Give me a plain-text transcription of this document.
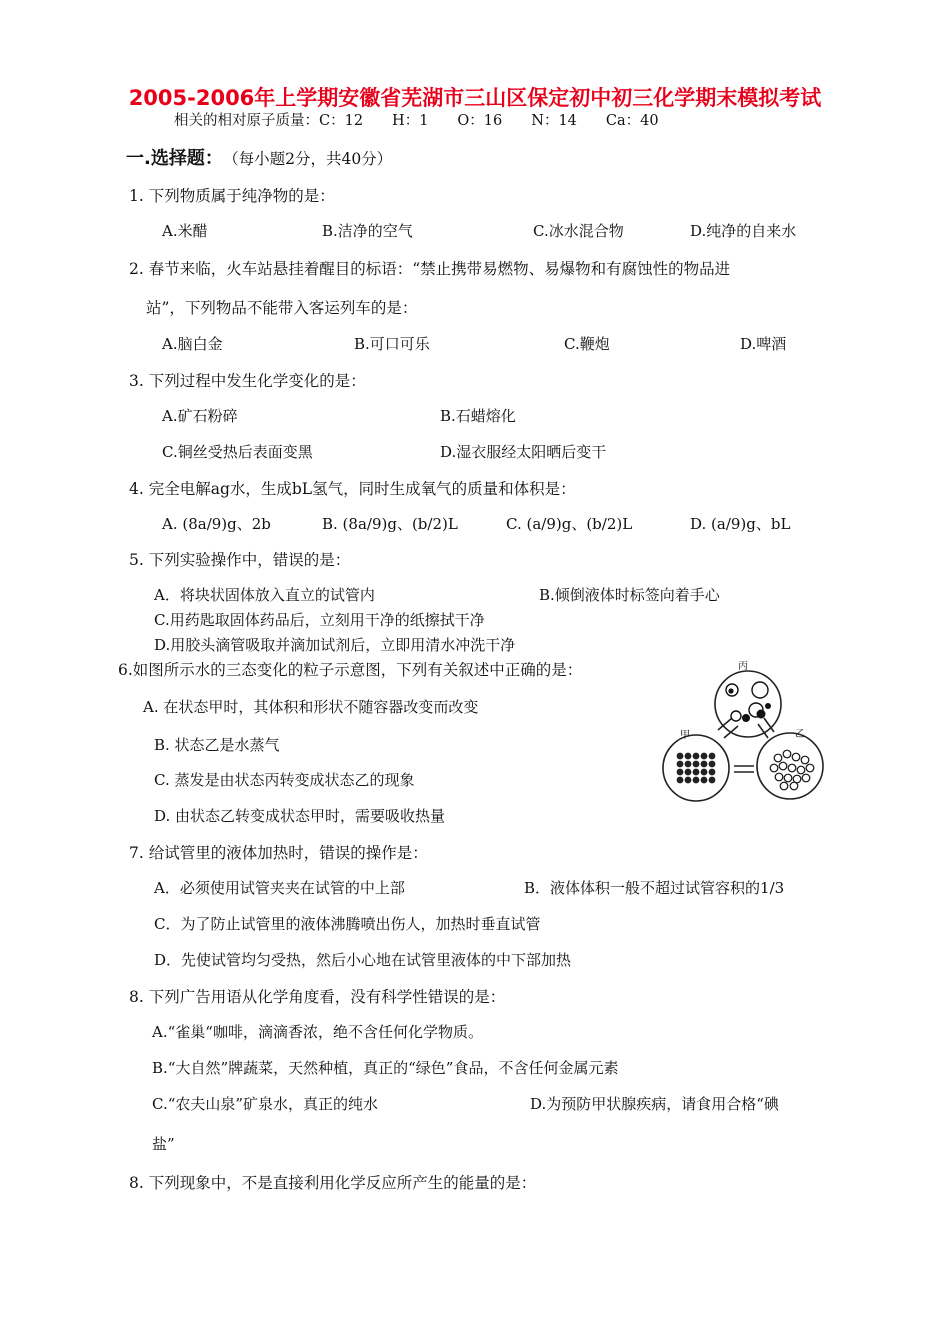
2005-2006年上学期安徽省芜湖市三山区保定初中初三化学期末模拟考试
相关的相对原子质量：C：12　　H：1　　O：16　　N：14　　Ca：40
一.选择题： （每小题2分，共40分）
1. 下列物质属于纯净物的是：
A.米醋	B.洁净的空气	C.冰水混合物	D.纯净的自来水
2. 春节来临，火车站悬挂着醒目的标语：“禁止携带易燃物、易爆物和有腐蚀性的物品进
站”，下列物品不能带入客运列车的是：
A.脑白金	B.可口可乐	C.鞭炮	D.啤酒
3. 下列过程中发生化学变化的是：
A.矿石粉碎	B.石蜡熔化
C.铜丝受热后表面变黑	D.湿衣服经太阳晒后变干
4. 完全电解ag水，生成bL氢气，同时生成氧气的质量和体积是：
A. (8a/9)g、2b	B. (8a/9)g、(b/2)L	C. (a/9)g、(b/2)L	D. (a/9)g、bL
5. 下列实验操作中，错误的是：
A．将块状固体放入直立的试管内	B.倾倒液体时标签向着手心
C.用药匙取固体药品后，立刻用干净的纸擦拭干净
D.用胶头滴管吸取并滴加试剂后，立即用清水冲洗干净
6.如图所示水的三态变化的粒子示意图，下列有关叙述中正确的是：
A. 在状态甲时，其体积和形状不随容器改变而改变
B. 状态乙是水蒸气
C. 蒸发是由状态丙转变成状态乙的现象
D. 由状态乙转变成状态甲时，需要吸收热量
丙
甲	乙
7. 给试管里的液体加热时，错误的操作是：
A．必须使用试管夹夹在试管的中上部	B．液体体积一般不超过试管容积的1/3
C．为了防止试管里的液体沸腾喷出伤人，加热时垂直试管
D．先使试管均匀受热，然后小心地在试管里液体的中下部加热
8. 下列广告用语从化学角度看，没有科学性错误的是：
A.“雀巢“咖啡，滴滴香浓，绝不含任何化学物质。
B.“大自然”牌蔬菜，天然种植，真正的“绿色”食品，不含任何金属元素
C.“农夫山泉”矿泉水，真正的纯水	D.为预防甲状腺疾病，请食用合格“碘
盐”
8. 下列现象中，不是直接利用化学反应所产生的能量的是：
